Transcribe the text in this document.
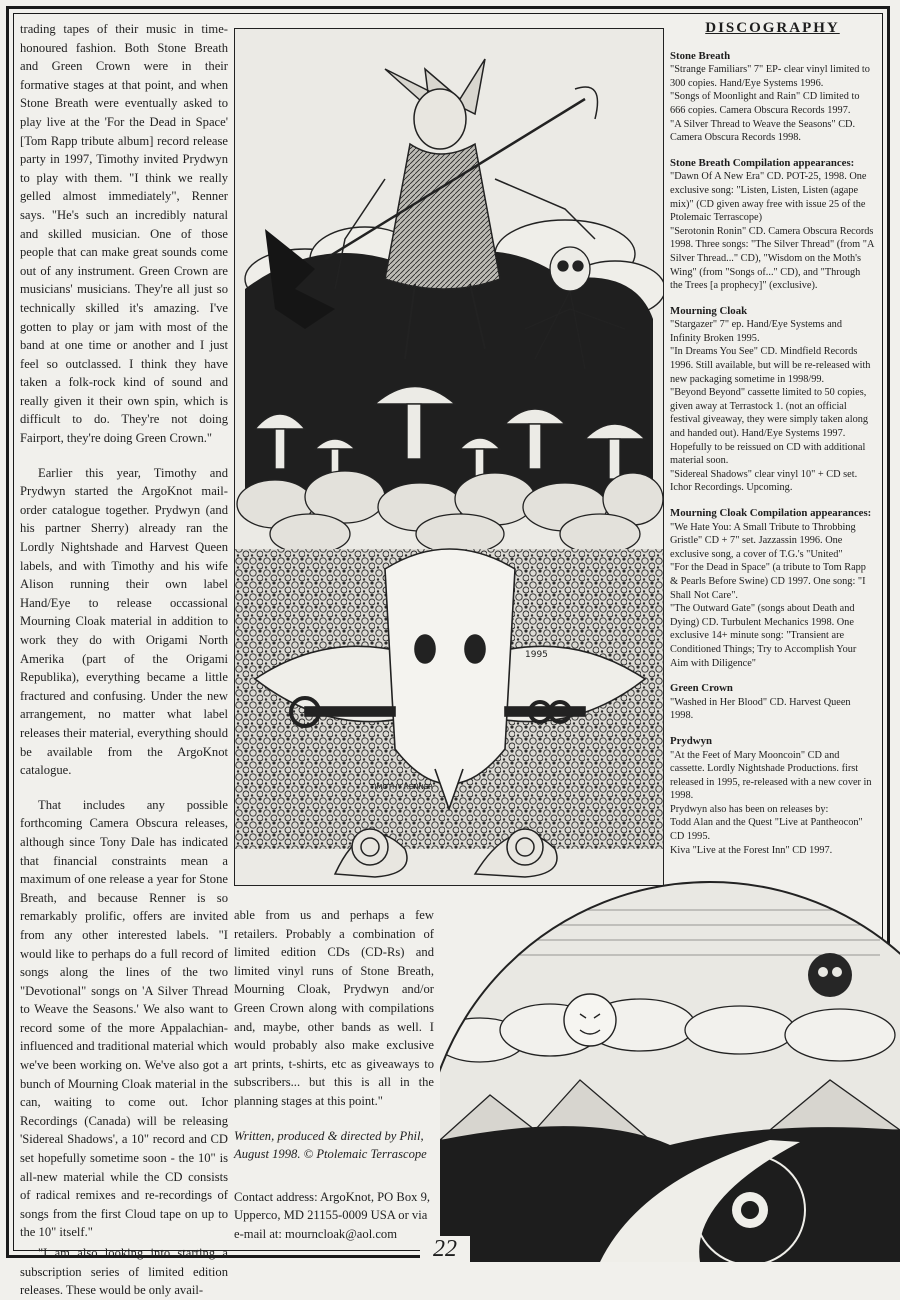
trading tapes of their music in time-honoured fashion. Both Stone Breath and Green Crown were in their formative stages at that point, and when Stone Breath were eventually asked to play live at the 'For the Dead in Space' [Tom Rapp tribute album] record release party in 1997, Timothy invited Prydwyn to play with them. "I think we really gelled almost immediately", Renner says. "He's such an incredibly natural and skilled musician. One of those people that can make great sounds come out of any instrument. Green Crown are musicians' musicians. They're all just so technically skilled it's amazing. I've gotten to play or jam with most of the band at one time or another and I just feel so outclassed. I think they have taken a folk-rock kind of sound and really given it their own spin, which is difficult to do. They're not doing Fairport, they're doing Green Crown."

Earlier this year, Timothy and Prydwyn started the ArgoKnot mail-order catalogue together. Prydwyn (and his partner Sherry) already ran the Lordly Nightshade and Harvest Queen labels, and with Timothy and his wife Alison running their own label Hand/Eye to release occassional Mourning Cloak material in addition to work they do with Origami North Amerika (part of the Origami Republika), everything became a little fractured and confusing. Under the new arrangement, no matter what label releases their material, everything should be available from the ArgoKnot catalogue.

That includes any possible forthcoming Camera Obscura releases, although since Tony Dale has indicated that financial constraints mean a maximum of one release a year for Stone Breath, and because Renner is so remarkably prolific, offers are invited from any other interested labels. "I would like to perhaps do a full record of songs along the lines of the two "Devotional" songs on 'A Silver Thread to Weave the Seasons.' We also want to record some of the more Appalachian-influenced and traditional material which we've been working on. We've also got a bunch of Mourning Cloak material in the can, waiting to come out. Ichor Recordings (Canada) will be releasing 'Sidereal Shadows', a 10" record and CD set hopefully sometime soon - the 10" is all-new material while the CD consists of radical remixes and re-recordings of songs from the first Cloud tape on up to the 10" itself."

"I am also looking into starting a subscription series of limited edition releases. These would be only avail-

1995
TIMOTHY RENNER
DISCOGRAPHY
Stone Breath

"Strange Familiars" 7" EP- clear vinyl limited to 300 copies. Hand/Eye Systems 1996.

"Songs of Moonlight and Rain" CD limited to 666 copies. Camera Obscura Records 1997.

"A Silver Thread to Weave the Seasons" CD. Camera Obscura Records 1998.

Stone Breath Compilation appearances:

"Dawn Of A New Era" CD. POT-25, 1998. One exclusive song: "Listen, Listen, Listen (agape mix)" (CD given away free with issue 25 of the Ptolemaic Terrascope)

"Serotonin Ronin" CD. Camera Obscura Records 1998. Three songs: "The Silver Thread" (from "A Silver Thread..." CD), "Wisdom on the Moth's Wing" (from "Songs of..." CD), and "Through the Trees [a prophecy]" (exclusive).

Mourning Cloak

"Stargazer" 7" ep. Hand/Eye Systems and Infinity Broken 1995.

"In Dreams You See" CD. Mindfield Records 1996. Still available, but will be re-released with new packaging sometime in 1998/99.

"Beyond Beyond" cassette limited to 50 copies, given away at Terrastock 1. (not an official festival giveaway, they were simply taken along and handed out). Hand/Eye Systems 1997. Hopefully to be reissued on CD with additional material soon.

"Sidereal Shadows" clear vinyl 10" + CD set. Ichor Recordings. Upcoming.

Mourning Cloak Compilation appearances:

"We Hate You: A Small Tribute to Throbbing Gristle" CD + 7" set. Jazzassin 1996. One exclusive song, a cover of T.G.'s "United"

"For the Dead in Space" (a tribute to Tom Rapp & Pearls Before Swine) CD 1997. One song: "I Shall Not Care".

"The Outward Gate" (songs about Death and Dying) CD. Turbulent Mechanics 1998. One exclusive 14+ minute song: "Transient are Conditioned Things; Try to Accomplish Your Aim with Diligence"

Green Crown

"Washed in Her Blood" CD. Harvest Queen 1998.

Prydwyn

"At the Feet of Mary Mooncoin" CD and cassette. Lordly Nightshade Productions. first released in 1995, re-released with a new cover in 1998.

Prydwyn also has been on releases by:

Todd Alan and the Quest "Live at Pantheocon" CD 1995.

Kiva "Live at the Forest Inn" CD 1997.

able from us and perhaps a few retailers. Probably a combination of limited edition CDs (CD-Rs) and limited vinyl runs of Stone Breath, Mourning Cloak, Prydwyn and/or Green Crown along with compilations and, maybe, other bands as well. I would probably also make exclusive art prints, t-shirts, etc as giveaways to subscribers... but this is all in the planning stages at this point."

Written, produced & directed by Phil, August 1998. © Ptolemaic Terrascope

Contact address: ArgoKnot, PO Box 9, Upperco, MD 21155-0009 USA or via e-mail at: mourncloak@aol.com

22
